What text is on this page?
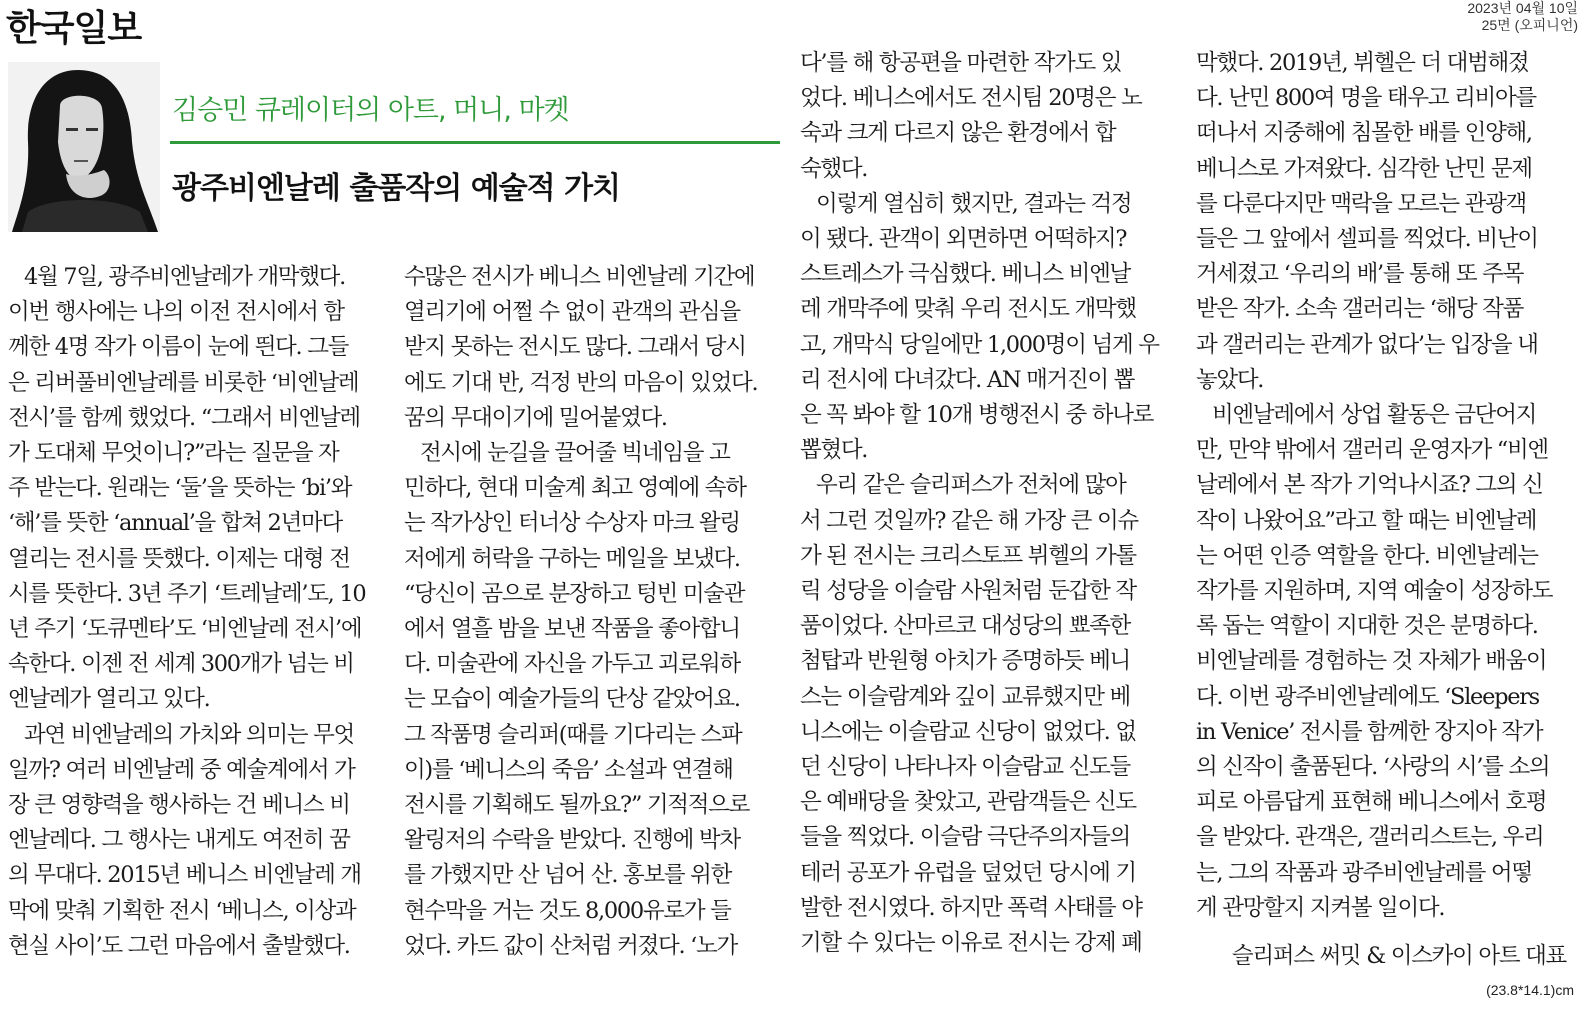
한국일보	2023년 04월 10일
25면 (오피니언)
김승민 큐레이터의 아트, 머니, 마켓
광주비엔날레 출품작의 예술적 가치

4월 7일, 광주비엔날레가 개막했다.

이번 행사에는 나의 이전 전시에서 함

께한 4명 작가 이름이 눈에 띈다. 그들

은 리버풀비엔날레를 비롯한 ‘비엔날레

전시’를 함께 했었다. “그래서 비엔날레

가 도대체 무엇이니?”라는 질문을 자

주 받는다. 원래는 ‘둘’을 뜻하는 ‘bi’와

‘해’를 뜻한 ‘annual’을 합쳐 2년마다

열리는 전시를 뜻했다. 이제는 대형 전

시를 뜻한다. 3년 주기 ‘트레날레’도, 10

년 주기 ‘도큐멘타’도 ‘비엔날레 전시’에

속한다. 이젠 전 세계 300개가 넘는 비

엔날레가 열리고 있다.

과연 비엔날레의 가치와 의미는 무엇

일까? 여러 비엔날레 중 예술계에서 가

장 큰 영향력을 행사하는 건 베니스 비

엔날레다. 그 행사는 내게도 여전히 꿈

의 무대다. 2015년 베니스 비엔날레 개

막에 맞춰 기획한 전시 ‘베니스, 이상과

현실 사이’도 그런 마음에서 출발했다.

수많은 전시가 베니스 비엔날레 기간에

열리기에 어쩔 수 없이 관객의 관심을

받지 못하는 전시도 많다. 그래서 당시

에도 기대 반, 걱정 반의 마음이 있었다.

꿈의 무대이기에 밀어붙였다.

전시에 눈길을 끌어줄 빅네임을 고

민하다, 현대 미술계 최고 영예에 속하

는 작가상인 터너상 수상자 마크 왈링

저에게 허락을 구하는 메일을 보냈다.

“당신이 곰으로 분장하고 텅빈 미술관

에서 열흘 밤을 보낸 작품을 좋아합니

다. 미술관에 자신을 가두고 괴로워하

는 모습이 예술가들의 단상 같았어요.

그 작품명 슬리퍼(때를 기다리는 스파

이)를 ‘베니스의 죽음’ 소설과 연결해

전시를 기획해도 될까요?” 기적적으로

왈링저의 수락을 받았다. 진행에 박차

를 가했지만 산 넘어 산. 홍보를 위한

현수막을 거는 것도 8,000유로가 들

었다. 카드 값이 산처럼 커졌다. ‘노가

다’를 해 항공편을 마련한 작가도 있

었다. 베니스에서도 전시팀 20명은 노

숙과 크게 다르지 않은 환경에서 합

숙했다.

이렇게 열심히 했지만, 결과는 걱정

이 됐다. 관객이 외면하면 어떡하지?

스트레스가 극심했다. 베니스 비엔날

레 개막주에 맞춰 우리 전시도 개막했

고, 개막식 당일에만 1,000명이 넘게 우

리 전시에 다녀갔다. AN 매거진이 뽑

은 꼭 봐야 할 10개 병행전시 중 하나로

뽑혔다.

우리 같은 슬리퍼스가 전처에 많아

서 그런 것일까? 같은 해 가장 큰 이슈

가 된 전시는 크리스토프 뷔헬의 가톨

릭 성당을 이슬람 사원처럼 둔갑한 작

품이었다. 산마르코 대성당의 뾰족한

첨탑과 반원형 아치가 증명하듯 베니

스는 이슬람계와 깊이 교류했지만 베

니스에는 이슬람교 신당이 없었다. 없

던 신당이 나타나자 이슬람교 신도들

은 예배당을 찾았고, 관람객들은 신도

들을 찍었다. 이슬람 극단주의자들의

테러 공포가 유럽을 덮었던 당시에 기

발한 전시였다. 하지만 폭력 사태를 야

기할 수 있다는 이유로 전시는 강제 폐

막했다. 2019년, 뷔헬은 더 대범해졌

다. 난민 800여 명을 태우고 리비아를

떠나서 지중해에 침몰한 배를 인양해,

베니스로 가져왔다. 심각한 난민 문제

를 다룬다지만 맥락을 모르는 관광객

들은 그 앞에서 셀피를 찍었다. 비난이

거세졌고 ‘우리의 배’를 통해 또 주목

받은 작가. 소속 갤러리는 ‘해당 작품

과 갤러리는 관계가 없다’는 입장을 내

놓았다.

비엔날레에서 상업 활동은 금단어지

만, 만약 밖에서 갤러리 운영자가 “비엔

날레에서 본 작가 기억나시죠? 그의 신

작이 나왔어요”라고 할 때는 비엔날레

는 어떤 인증 역할을 한다. 비엔날레는

작가를 지원하며, 지역 예술이 성장하도

록 돕는 역할이 지대한 것은 분명하다.

비엔날레를 경험하는 것 자체가 배움이

다. 이번 광주비엔날레에도 ‘Sleepers

in Venice’ 전시를 함께한 장지아 작가

의 신작이 출품된다. ‘사랑의 시’를 소의

피로 아름답게 표현해 베니스에서 호평

을 받았다. 관객은, 갤러리스트는, 우리

는, 그의 작품과 광주비엔날레를 어떻

게 관망할지 지켜볼 일이다.

슬리퍼스 써밋 & 이스카이 아트 대표
(23.8*14.1)cm
